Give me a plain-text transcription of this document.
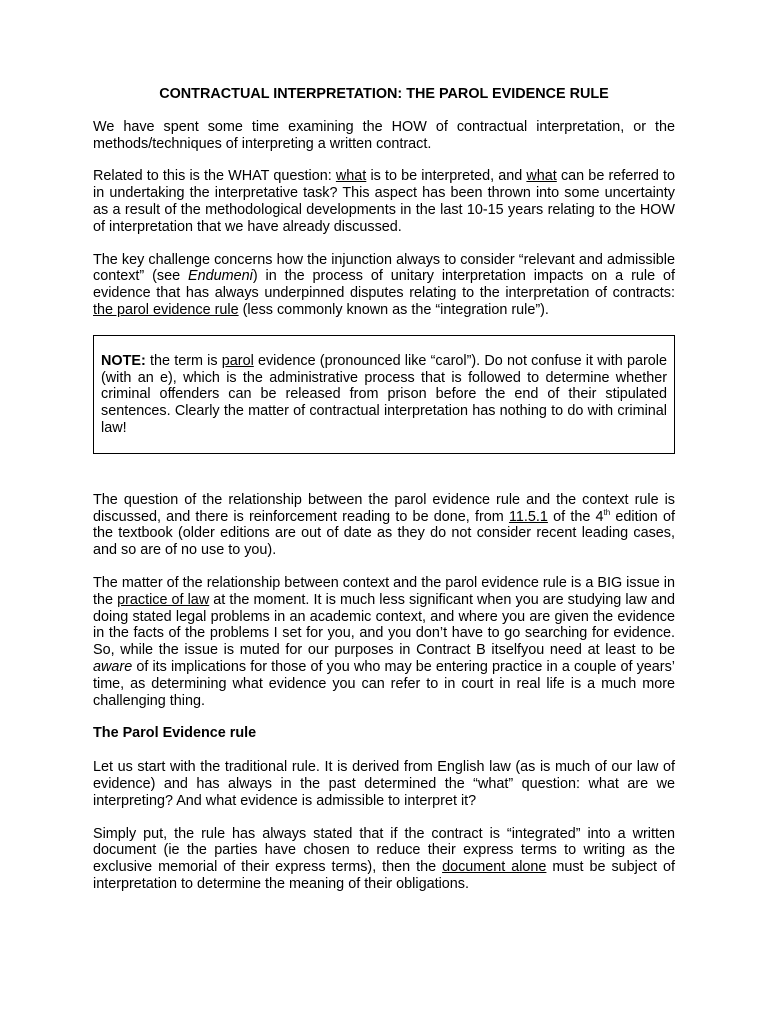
CONTRACTUAL INTERPRETATION: THE PAROL EVIDENCE RULE

We have spent some time examining the HOW of contractual interpretation, or the methods/techniques of interpreting a written contract.

Related to this is the WHAT question: what is to be interpreted, and what can be referred to in undertaking the interpretative task? This aspect has been thrown into some uncertainty as a result of the methodological developments in the last 10-15 years relating to the HOW of interpretation that we have already discussed.

The key challenge concerns how the injunction always to consider “relevant and admissible context” (see Endumeni) in the process of unitary interpretation impacts on a rule of evidence that has always underpinned disputes relating to the interpretation of contracts: the parol evidence rule (less commonly known as the “integration rule”).

NOTE: the term is parol evidence (pronounced like “carol”). Do not confuse it with parole (with an e), which is the administrative process that is followed to determine whether criminal offenders can be released from prison before the end of their stipulated sentences. Clearly the matter of contractual interpretation has nothing to do with criminal law!

The question of the relationship between the parol evidence rule and the context rule is discussed, and there is reinforcement reading to be done, from 11.5.1 of the 4th edition of the textbook (older editions are out of date as they do not consider recent leading cases, and so are of no use to you).

The matter of the relationship between context and the parol evidence rule is a BIG issue in the practice of law at the moment. It is much less significant when you are studying law and doing stated legal problems in an academic context, and where you are given the evidence in the facts of the problems I set for you, and you don’t have to go searching for evidence. So, while the issue is muted for our purposes in Contract B itselfyou need at least to be aware of its implications for those of you who may be entering practice in a couple of years’ time, as determining what evidence you can refer to in court in real life is a much more challenging thing.

The Parol Evidence rule

Let us start with the traditional rule. It is derived from English law (as is much of our law of evidence) and has always in the past determined the “what” question: what are we interpreting? And what evidence is admissible to interpret it?

Simply put, the rule has always stated that if the contract is “integrated” into a written document (ie the parties have chosen to reduce their express terms to writing as the exclusive memorial of their express terms), then the document alone must be subject of interpretation to determine the meaning of their obligations.
